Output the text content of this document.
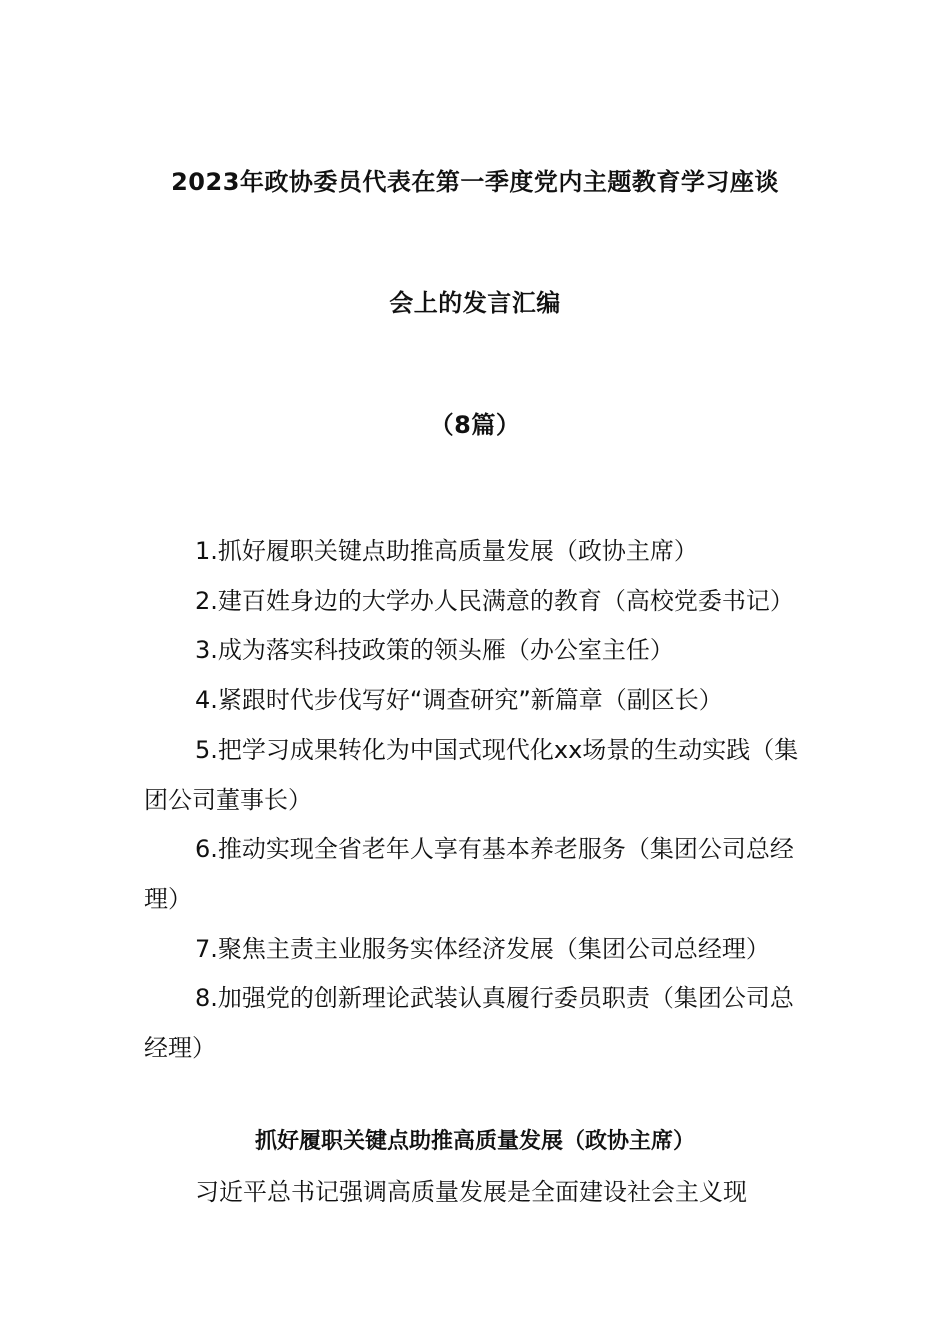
2023年政协委员代表在第一季度党内主题教育学习座谈
会上的发言汇编
（8篇）
1.抓好履职关键点助推高质量发展（政协主席）
2.建百姓身边的大学办人民满意的教育（高校党委书记）
3.成为落实科技政策的领头雁（办公室主任）
4.紧跟时代步伐写好“调查研究”新篇章（副区长）
5.把学习成果转化为中国式现代化xx场景的生动实践（集团公司董事长）
6.推动实现全省老年人享有基本养老服务（集团公司总经理）
7.聚焦主责主业服务实体经济发展（集团公司总经理）
8.加强党的创新理论武装认真履行委员职责（集团公司总经理）
抓好履职关键点助推高质量发展（政协主席）
习近平总书记强调高质量发展是全面建设社会主义现
